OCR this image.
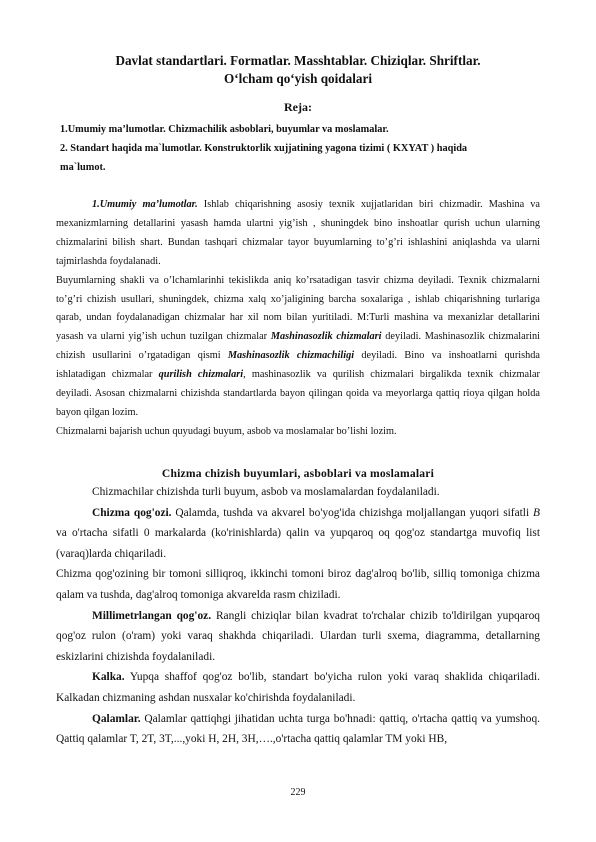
Davlat standartlari. Formatlar. Masshtablar. Chiziqlar. Shriftlar.
O‘lcham qo‘yish qoidalari
Reja:
1.Umumiy ma’lumotlar. Chizmachilik asboblari, buyumlar va moslamalar.
2. Standart haqida ma`lumotlar. Konstruktorlik xujjatining yagona tizimi ( KXYAT ) haqida
ma`lumot.

1.Umumiy ma’lumotlar. Ishlab chiqarishning asosiy texnik xujjatlaridan biri chizmadir. Mashina va mexanizmlarning detallarini yasash hamda ulartni yig’ish , shuningdek bino inshoatlar qurish uchun ularning chizmalarini bilish shart. Bundan tashqari chizmalar tayor buyumlarning to’g’ri ishlashini aniqlashda va ularni tajmirlashda foydalanadi.

Buyumlarning shakli va o’lchamlarinhi tekislikda aniq ko’rsatadigan tasvir chizma deyiladi. Texnik chizmalarni to’g’ri chizish usullari, shuningdek, chizma xalq xo’jaligining barcha soxalariga , ishlab chiqarishning turlariga qarab, undan foydalanadigan chizmalar har xil nom bilan yuritiladi. M:Turli mashina va mexanizlar detallarini yasash va ularni yig’ish uchun tuzilgan chizmalar Mashinasozlik chizmalari deyiladi. Mashinasozlik chizmalarini chizish usullarini o’rgatadigan qismi Mashinasozlik chizmachiligi deyiladi. Bino va inshoatlarni qurishda ishlatadigan chizmalar qurilish chizmalari, mashinasozlik va qurilish chizmalari birgalikda texnik chizmalar deyiladi. Asosan chizmalarni chizishda standartlarda bayon qilingan qoida va meyorlarga qattiq rioya qilgan holda bayon qilgan lozim.

Chizmalarni bajarish uchun quyudagi buyum, asbob va moslamalar bo’lishi lozim.

Chizma chizish buyumlari, asboblari va moslamalari

Chizmachilar chizishda turli buyum, asbob va moslamalardan foydalaniladi.

Chizma qog'ozi. Qalamda, tushda va akvarel bo'yog'ida chizishga moljallangan yuqori sifatli B va o'rtacha sifatli 0 markalarda (ko'rinishlarda) qalin va yupqaroq oq qog'oz standartga muvofiq list (varaq)larda chiqariladi.

Chizma qog'ozining bir tomoni silliqroq, ikkinchi tomoni biroz dag'alroq bo'lib, silliq tomoniga chizma qalam va tushda, dag'alroq tomoniga akvarelda rasm chiziladi.

Millimetrlangan qog'oz. Rangli chiziqlar bilan kvadrat to'rchalar chizib to'ldirilgan yupqaroq qog'oz rulon (o'ram) yoki varaq shakhda chiqariladi. Ulardan turli sxema, diagramma, detallarning eskizlarini chizishda foydalaniladi.

Kalka. Yupqa shaffof qog'oz bo'lib, standart bo'yicha rulon yoki varaq shaklida chiqariladi. Kalkadan chizmaning ashdan nusxalar ko'chirishda foydalaniladi.

Qalamlar. Qalamlar qattiqhgi jihatidan uchta turga bo'hnadi: qattiq, o'rtacha qattiq va yumshoq. Qattiq qalamlar T, 2T, 3T,...,yoki H, 2H, 3H,….,o'rtacha qattiq qalamlar TM yoki HB,

229
